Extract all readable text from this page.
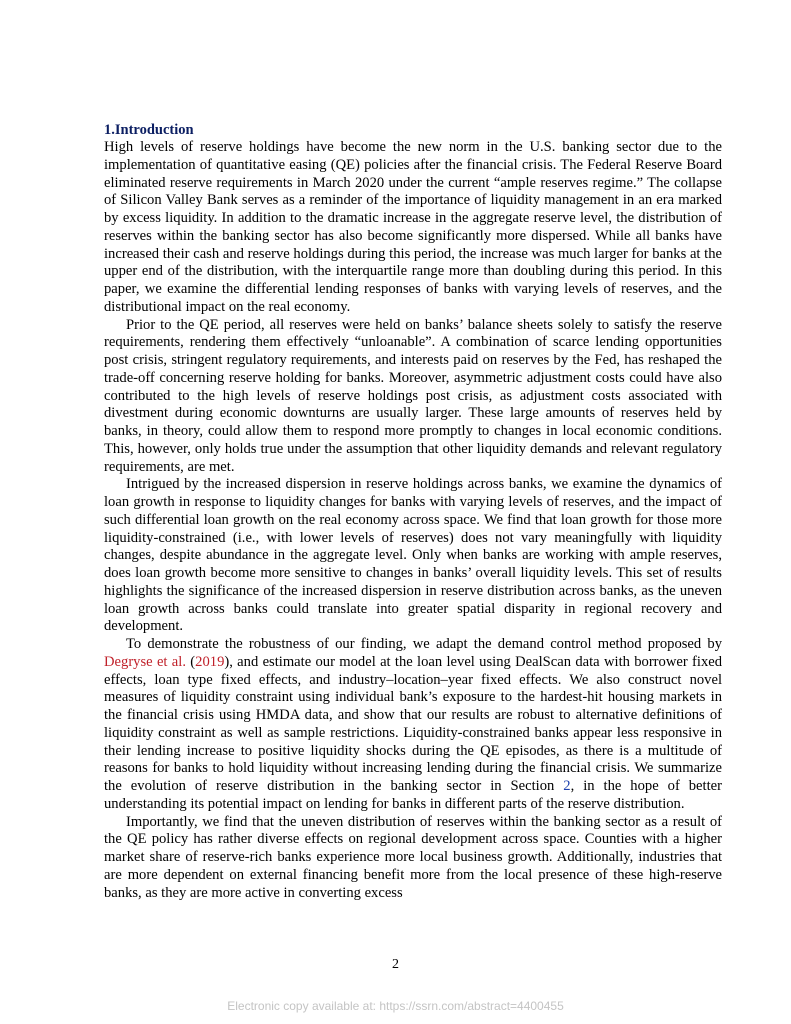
1.Introduction

High levels of reserve holdings have become the new norm in the U.S. banking sector due to the implementation of quantitative easing (QE) policies after the financial crisis. The Federal Reserve Board eliminated reserve requirements in March 2020 under the current “ample reserves regime.” The collapse of Silicon Valley Bank serves as a reminder of the importance of liquidity management in an era marked by excess liquidity. In addition to the dramatic increase in the aggregate reserve level, the distribution of reserves within the banking sector has also become significantly more dispersed. While all banks have increased their cash and reserve holdings during this period, the increase was much larger for banks at the upper end of the distribution, with the interquartile range more than doubling during this period. In this paper, we examine the differential lending responses of banks with varying levels of reserves, and the distributional impact on the real economy.

Prior to the QE period, all reserves were held on banks’ balance sheets solely to satisfy the reserve requirements, rendering them effectively “unloanable”. A combination of scarce lending opportunities post crisis, stringent regulatory requirements, and interests paid on reserves by the Fed, has reshaped the trade-off concerning reserve holding for banks. Moreover, asymmetric adjustment costs could have also contributed to the high levels of reserve holdings post crisis, as adjustment costs associated with divestment during economic downturns are usually larger. These large amounts of reserves held by banks, in theory, could allow them to respond more promptly to changes in local economic conditions. This, however, only holds true under the assumption that other liquidity demands and relevant regulatory requirements, are met.

Intrigued by the increased dispersion in reserve holdings across banks, we examine the dynamics of loan growth in response to liquidity changes for banks with varying levels of reserves, and the impact of such differential loan growth on the real economy across space. We find that loan growth for those more liquidity-constrained (i.e., with lower levels of reserves) does not vary meaningfully with liquidity changes, despite abundance in the aggregate level. Only when banks are working with ample reserves, does loan growth become more sensitive to changes in banks’ overall liquidity levels. This set of results highlights the significance of the increased dispersion in reserve distribution across banks, as the uneven loan growth across banks could translate into greater spatial disparity in regional recovery and development.

To demonstrate the robustness of our finding, we adapt the demand control method proposed by Degryse et al. (2019), and estimate our model at the loan level using DealScan data with borrower fixed effects, loan type fixed effects, and industry–location–year fixed effects. We also construct novel measures of liquidity constraint using individual bank’s exposure to the hardest-hit housing markets in the financial crisis using HMDA data, and show that our results are robust to alternative definitions of liquidity constraint as well as sample restrictions. Liquidity-constrained banks appear less responsive in their lending increase to positive liquidity shocks during the QE episodes, as there is a multitude of reasons for banks to hold liquidity without increasing lending during the financial crisis. We summarize the evolution of reserve distribution in the banking sector in Section 2, in the hope of better understanding its potential impact on lending for banks in different parts of the reserve distribution.

Importantly, we find that the uneven distribution of reserves within the banking sector as a result of the QE policy has rather diverse effects on regional development across space. Counties with a higher market share of reserve-rich banks experience more local business growth. Additionally, industries that are more dependent on external financing benefit more from the local presence of these high-reserve banks, as they are more active in converting excess

2
Electronic copy available at: https://ssrn.com/abstract=4400455
